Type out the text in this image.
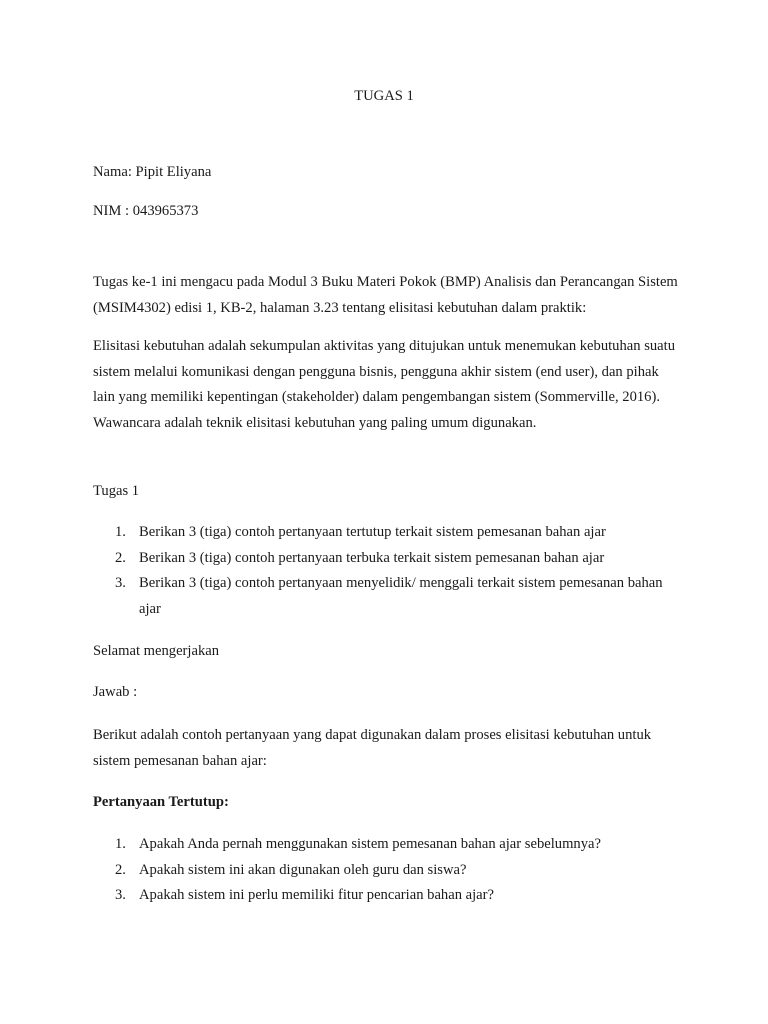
TUGAS 1

Nama: Pipit Eliyana

NIM : 043965373

Tugas ke-1 ini mengacu pada Modul 3 Buku Materi Pokok (BMP) Analisis dan Perancangan Sistem (MSIM4302) edisi 1, KB-2, halaman 3.23 tentang elisitasi kebutuhan dalam praktik:

Elisitasi kebutuhan adalah sekumpulan aktivitas yang ditujukan untuk menemukan kebutuhan suatu sistem melalui komunikasi dengan pengguna bisnis, pengguna akhir sistem (end user), dan pihak lain yang memiliki kepentingan (stakeholder) dalam pengembangan sistem (Sommerville, 2016). Wawancara adalah teknik elisitasi kebutuhan yang paling umum digunakan.

Tugas 1

1. Berikan 3 (tiga) contoh pertanyaan tertutup terkait sistem pemesanan bahan ajar
2. Berikan 3 (tiga) contoh pertanyaan terbuka terkait sistem pemesanan bahan ajar
3. Berikan 3 (tiga) contoh pertanyaan menyelidik/ menggali terkait sistem pemesanan bahan ajar

Selamat mengerjakan

Jawab :

Berikut adalah contoh pertanyaan yang dapat digunakan dalam proses elisitasi kebutuhan untuk sistem pemesanan bahan ajar:

Pertanyaan Tertutup:

1. Apakah Anda pernah menggunakan sistem pemesanan bahan ajar sebelumnya?
2. Apakah sistem ini akan digunakan oleh guru dan siswa?
3. Apakah sistem ini perlu memiliki fitur pencarian bahan ajar?
